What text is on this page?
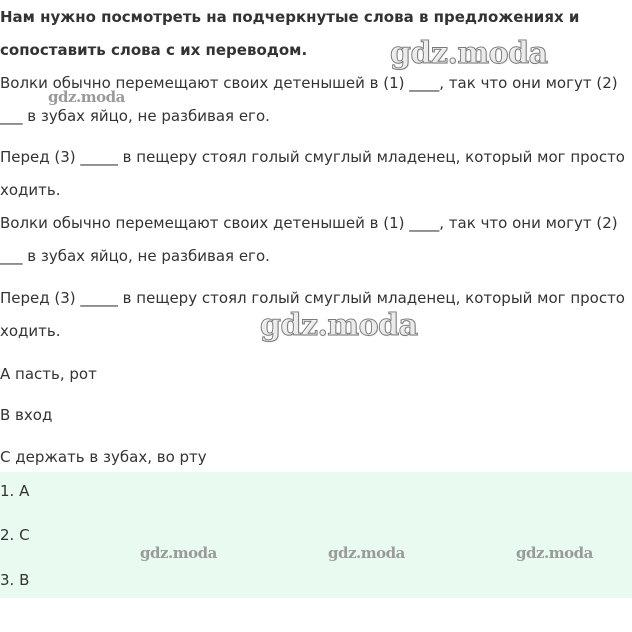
Нам нужно посмотреть на подчеркнутые слова в предложениях и
сопоставить слова с их переводом.
Волки обычно перемещают своих детенышей в (1) ____, так что они могут (2)
___ в зубах яйцо, не разбивая его.
Перед (3) _____ в пещеру стоял голый смуглый младенец, который мог просто
ходить.
Волки обычно перемещают своих детенышей в (1) ____, так что они могут (2)
___ в зубах яйцо, не разбивая его.
Перед (3) _____ в пещеру стоял голый смуглый младенец, который мог просто
ходить.
А пасть, рот
В вход
С держать в зубах, во рту
1. А
2. С
3. В
gdz.moda
gdz.moda
gdz.moda
gdz.moda	gdz.moda	gdz.moda
